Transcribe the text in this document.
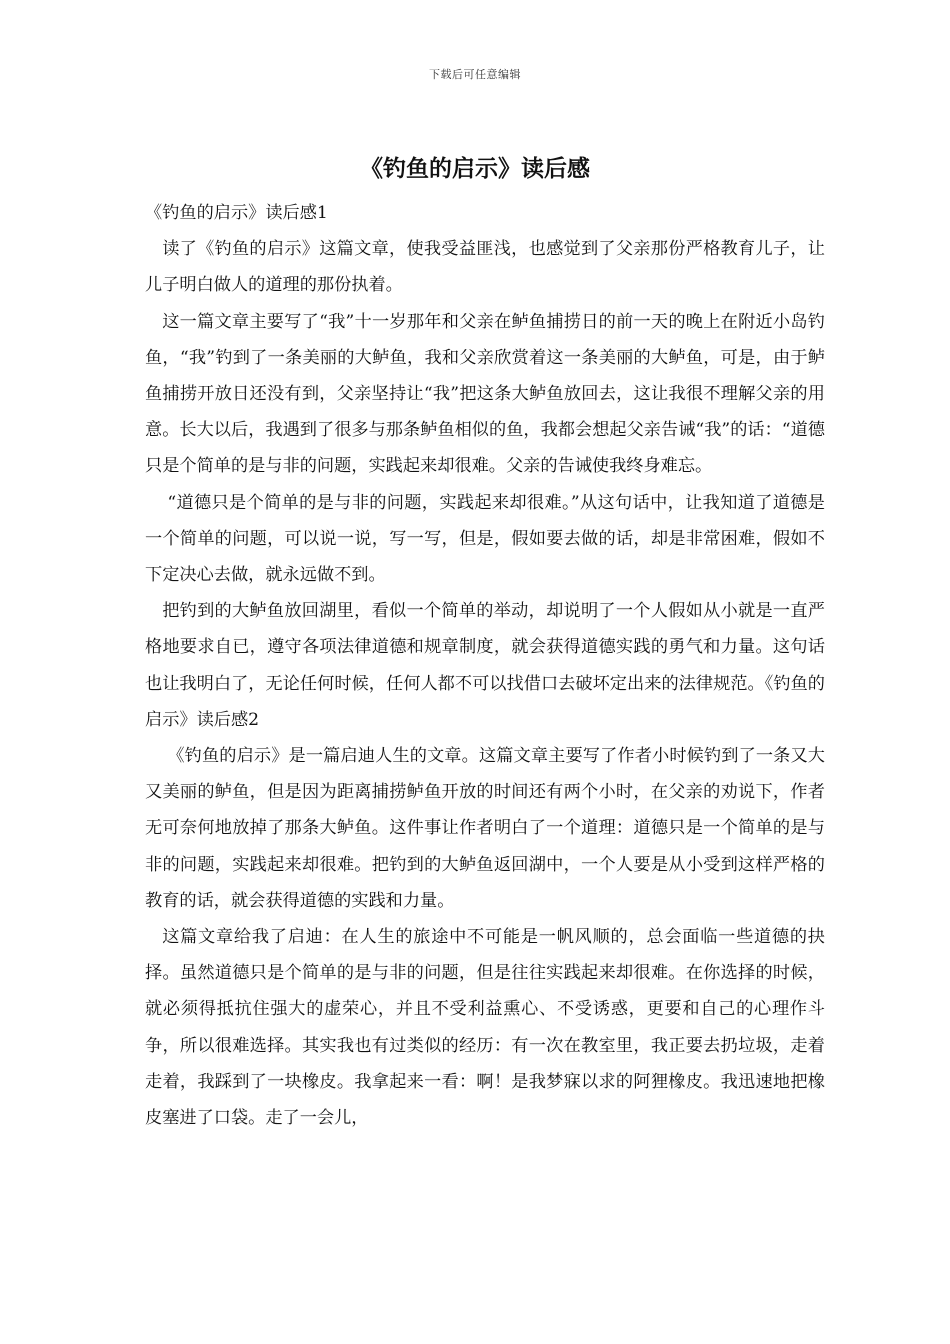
下载后可任意编辑
《钓鱼的启示》读后感

《钓鱼的启示》读后感1

读了《钓鱼的启示》这篇文章，使我受益匪浅，也感觉到了父亲那份严格教育儿子，让儿子明白做人的道理的那份执着。

这一篇文章主要写了“我”十一岁那年和父亲在鲈鱼捕捞日的前一天的晚上在附近小岛钓鱼，“我”钓到了一条美丽的大鲈鱼，我和父亲欣赏着这一条美丽的大鲈鱼，可是，由于鲈鱼捕捞开放日还没有到，父亲坚持让“我”把这条大鲈鱼放回去，这让我很不理解父亲的用意。长大以后，我遇到了很多与那条鲈鱼相似的鱼，我都会想起父亲告诫“我”的话：“道德只是个简单的是与非的问题，实践起来却很难。父亲的告诫使我终身难忘。

“道德只是个简单的是与非的问题，实践起来却很难。”从这句话中，让我知道了道德是一个简单的问题，可以说一说，写一写，但是，假如要去做的话，却是非常困难，假如不下定决心去做，就永远做不到。

把钓到的大鲈鱼放回湖里，看似一个简单的举动，却说明了一个人假如从小就是一直严格地要求自已，遵守各项法律道德和规章制度，就会获得道德实践的勇气和力量。这句话也让我明白了，无论任何时候，任何人都不可以找借口去破坏定出来的法律规范。《钓鱼的启示》读后感2

《钓鱼的启示》是一篇启迪人生的文章。这篇文章主要写了作者小时候钓到了一条又大又美丽的鲈鱼，但是因为距离捕捞鲈鱼开放的时间还有两个小时，在父亲的劝说下，作者无可奈何地放掉了那条大鲈鱼。这件事让作者明白了一个道理：道德只是一个简单的是与非的问题，实践起来却很难。把钓到的大鲈鱼返回湖中，一个人要是从小受到这样严格的教育的话，就会获得道德的实践和力量。

这篇文章给我了启迪：在人生的旅途中不可能是一帆风顺的，总会面临一些道德的抉择。虽然道德只是个简单的是与非的问题，但是往往实践起来却很难。在你选择的时候，就必须得抵抗住强大的虚荣心，并且不受利益熏心、不受诱惑，更要和自己的心理作斗争，所以很难选择。其实我也有过类似的经历：有一次在教室里，我正要去扔垃圾，走着走着，我踩到了一块橡皮。我拿起来一看：啊！是我梦寐以求的阿狸橡皮。我迅速地把橡皮塞进了口袋。走了一会儿，
